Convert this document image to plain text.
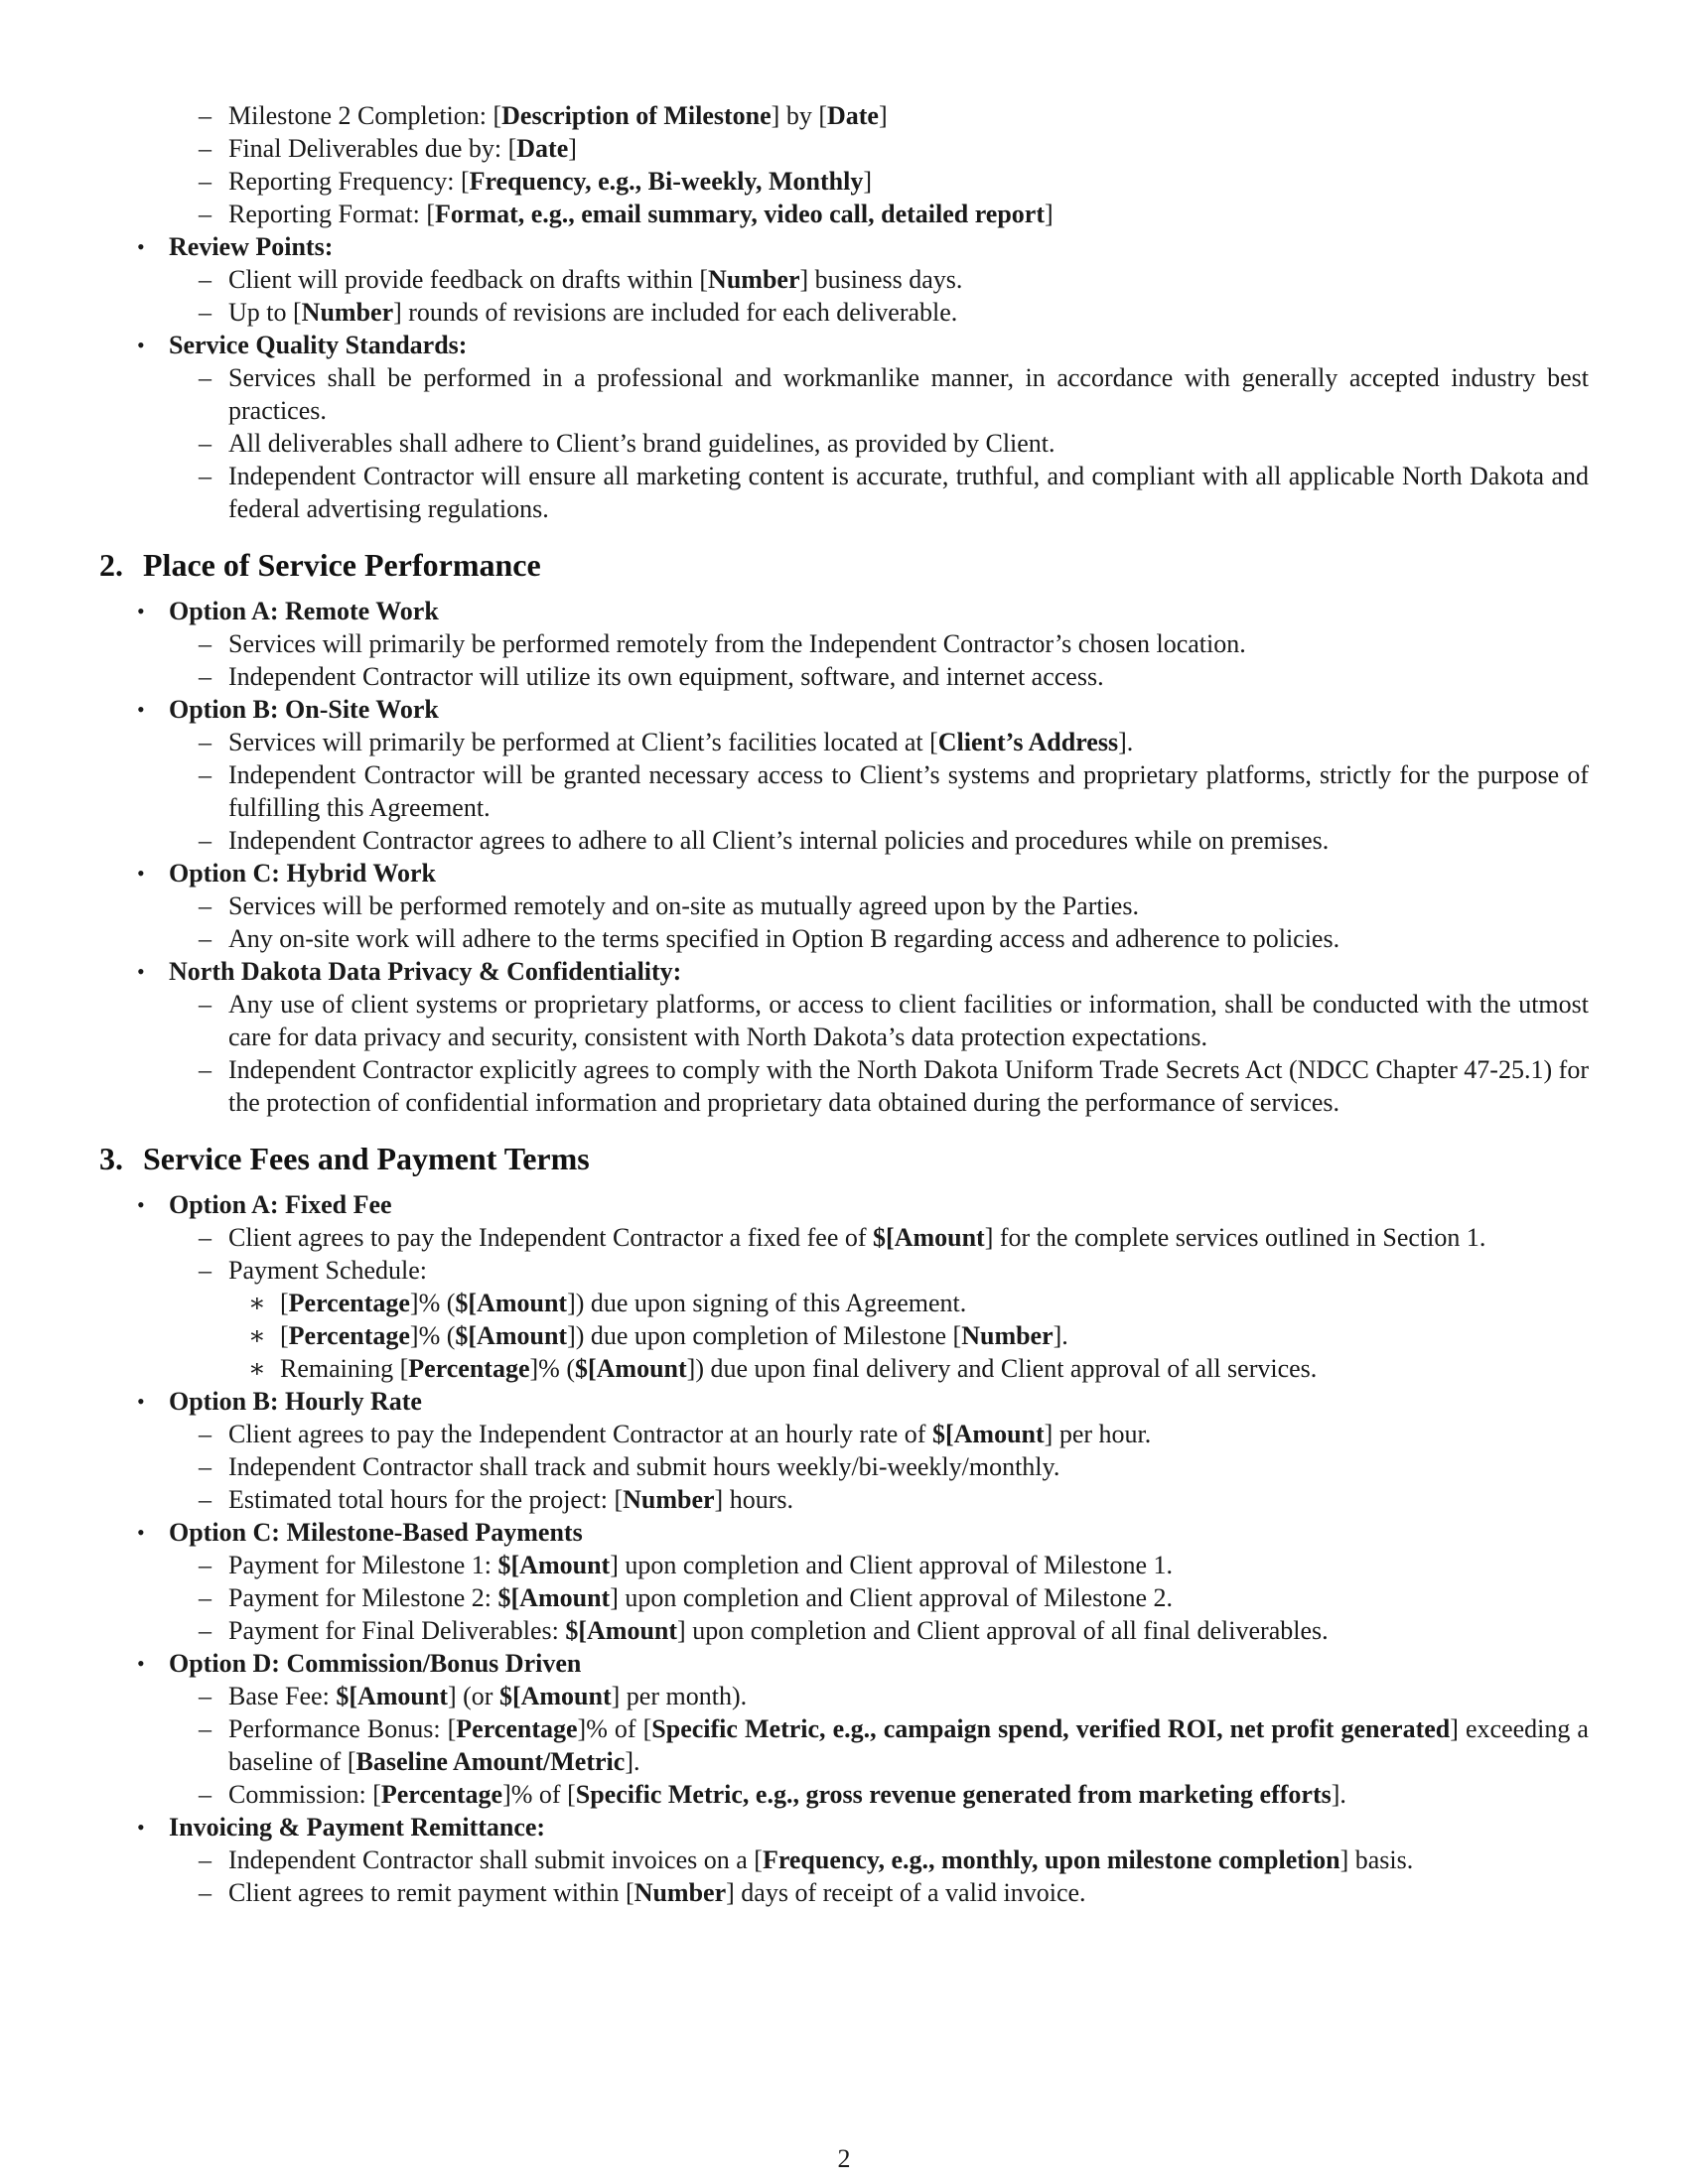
– Milestone 2 Completion: [Description of Milestone] by [Date]
– Final Deliverables due by: [Date]
– Reporting Frequency: [Frequency, e.g., Bi-weekly, Monthly]
– Reporting Format: [Format, e.g., email summary, video call, detailed report]
• Review Points:
– Client will provide feedback on drafts within [Number] business days.
– Up to [Number] rounds of revisions are included for each deliverable.
• Service Quality Standards:
– Services shall be performed in a professional and workmanlike manner, in accordance with generally accepted industry best practices.
– All deliverables shall adhere to Client’s brand guidelines, as provided by Client.
– Independent Contractor will ensure all marketing content is accurate, truthful, and compliant with all applicable North Dakota and federal advertising regulations.
2. Place of Service Performance
• Option A: Remote Work
– Services will primarily be performed remotely from the Independent Contractor’s chosen location.
– Independent Contractor will utilize its own equipment, software, and internet access.
• Option B: On-Site Work
– Services will primarily be performed at Client’s facilities located at [Client’s Address].
– Independent Contractor will be granted necessary access to Client’s systems and proprietary platforms, strictly for the purpose of fulfilling this Agreement.
– Independent Contractor agrees to adhere to all Client’s internal policies and procedures while on premises.
• Option C: Hybrid Work
– Services will be performed remotely and on-site as mutually agreed upon by the Parties.
– Any on-site work will adhere to the terms specified in Option B regarding access and adherence to policies.
• North Dakota Data Privacy & Confidentiality:
– Any use of client systems or proprietary platforms, or access to client facilities or information, shall be conducted with the utmost care for data privacy and security, consistent with North Dakota’s data protection expectations.
– Independent Contractor explicitly agrees to comply with the North Dakota Uniform Trade Secrets Act (NDCC Chapter 47-25.1) for the protection of confidential information and proprietary data obtained during the performance of services.
3. Service Fees and Payment Terms
• Option A: Fixed Fee
– Client agrees to pay the Independent Contractor a fixed fee of $[Amount] for the complete services outlined in Section 1.
– Payment Schedule:
∗ [Percentage]% ($[Amount]) due upon signing of this Agreement.
∗ [Percentage]% ($[Amount]) due upon completion of Milestone [Number].
∗ Remaining [Percentage]% ($[Amount]) due upon final delivery and Client approval of all services.
• Option B: Hourly Rate
– Client agrees to pay the Independent Contractor at an hourly rate of $[Amount] per hour.
– Independent Contractor shall track and submit hours weekly/bi-weekly/monthly.
– Estimated total hours for the project: [Number] hours.
• Option C: Milestone-Based Payments
– Payment for Milestone 1: $[Amount] upon completion and Client approval of Milestone 1.
– Payment for Milestone 2: $[Amount] upon completion and Client approval of Milestone 2.
– Payment for Final Deliverables: $[Amount] upon completion and Client approval of all final deliverables.
• Option D: Commission/Bonus Driven
– Base Fee: $[Amount] (or $[Amount] per month).
– Performance Bonus: [Percentage]% of [Specific Metric, e.g., campaign spend, verified ROI, net profit generated] exceeding a baseline of [Baseline Amount/Metric].
– Commission: [Percentage]% of [Specific Metric, e.g., gross revenue generated from marketing efforts].
• Invoicing & Payment Remittance:
– Independent Contractor shall submit invoices on a [Frequency, e.g., monthly, upon milestone completion] basis.
– Client agrees to remit payment within [Number] days of receipt of a valid invoice.
2
